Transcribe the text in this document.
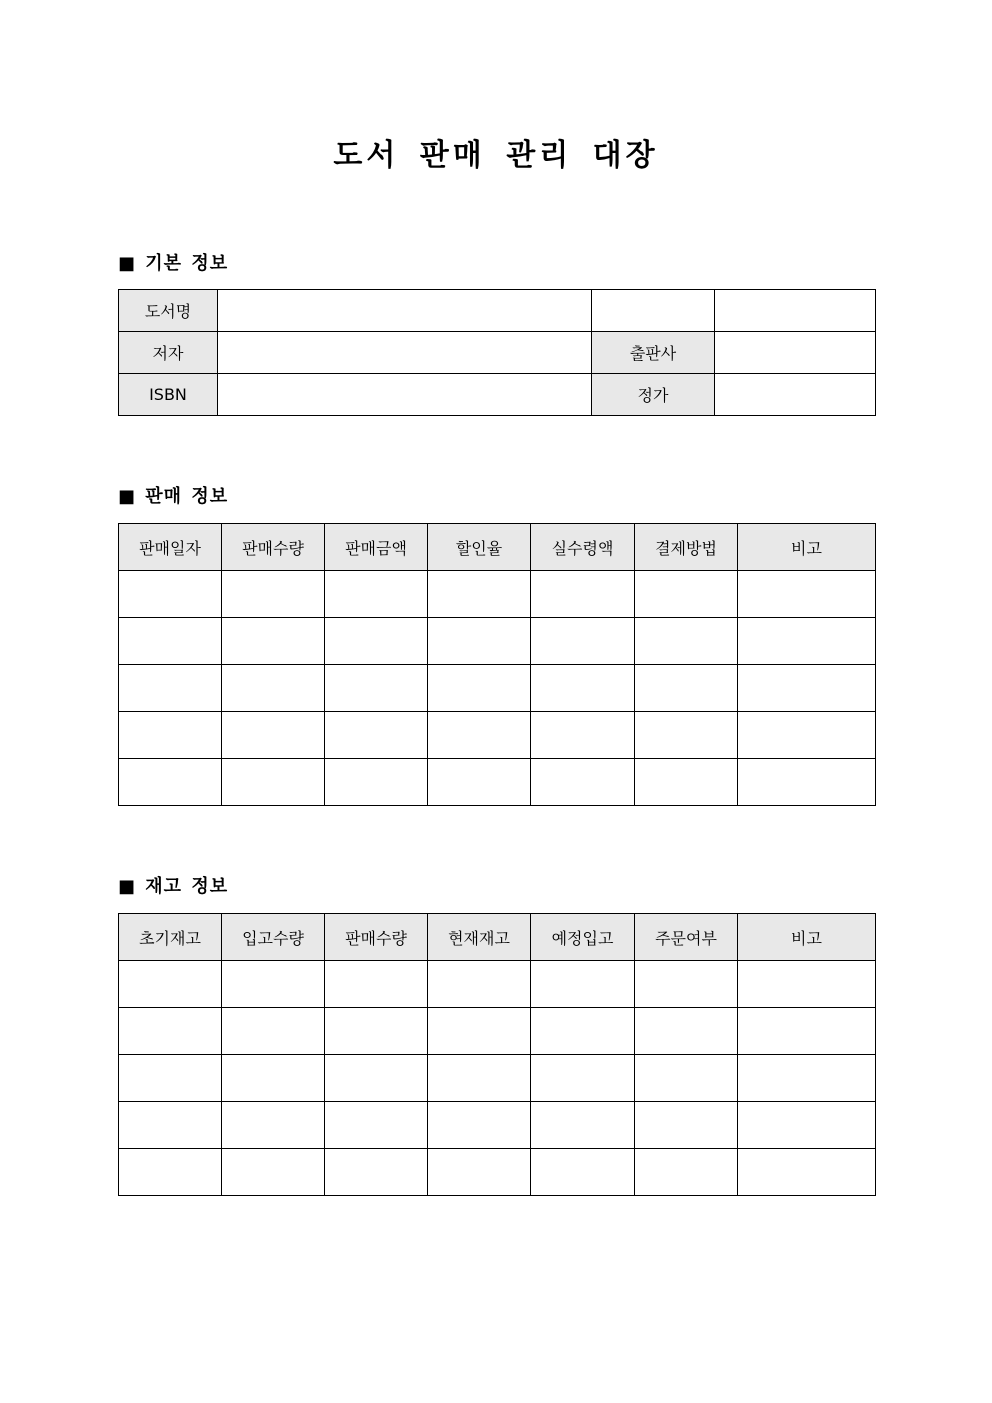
도서 판매 관리 대장
■ 기본 정보
도서명			
저자		출판사	
ISBN		정가	
■ 판매 정보
판매일자	판매수량	판매금액	할인율	실수령액	결제방법	비고

■ 재고 정보
초기재고	입고수량	판매수량	현재재고	예정입고	주문여부	비고
